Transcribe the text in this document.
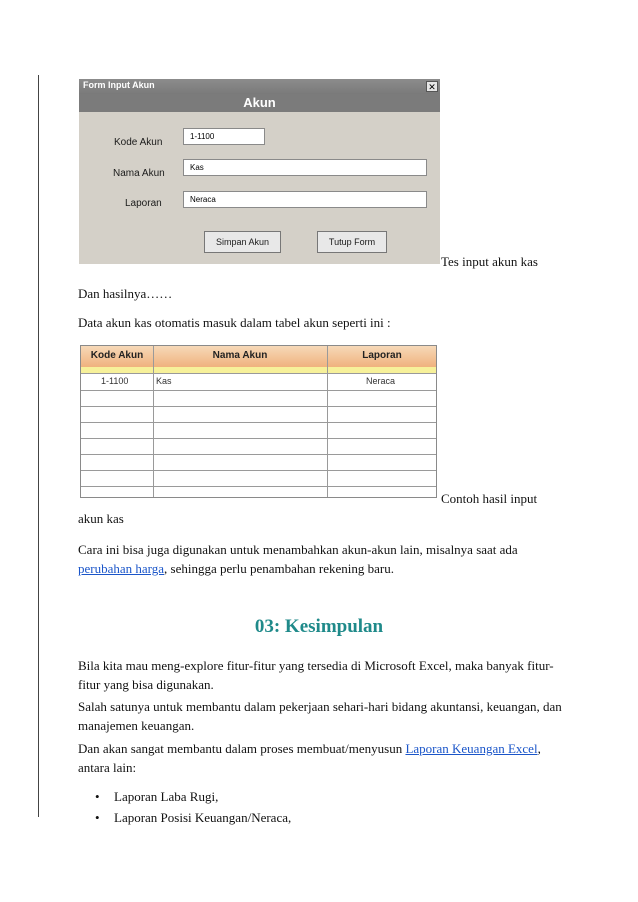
Form Input Akun	✕
Akun
Kode Akun
1-1100
Nama Akun
Kas
Laporan	Neraca
Simpan Akun	Tutup Form

Tes input akun kas

Dan hasilnya……

Data akun kas otomatis masuk dalam tabel akun seperti ini :

Kode Akun	Nama Akun	Laporan
1-1100	Kas	Neraca

Contoh hasil input

akun kas

Cara ini bisa juga digunakan untuk menambahkan akun-akun lain, misalnya saat ada

perubahan harga, sehingga perlu penambahan rekening baru.

03: Kesimpulan

Bila kita mau meng-explore fitur-fitur yang tersedia di Microsoft Excel, maka banyak fitur-

fitur yang bisa digunakan.

Salah satunya untuk membantu dalam pekerjaan sehari-hari bidang akuntansi, keuangan, dan

manajemen keuangan.

Dan akan sangat membantu dalam proses membuat/menyusun Laporan Keuangan Excel,

antara lain:

• Laporan Laba Rugi,
• Laporan Posisi Keuangan/Neraca,
